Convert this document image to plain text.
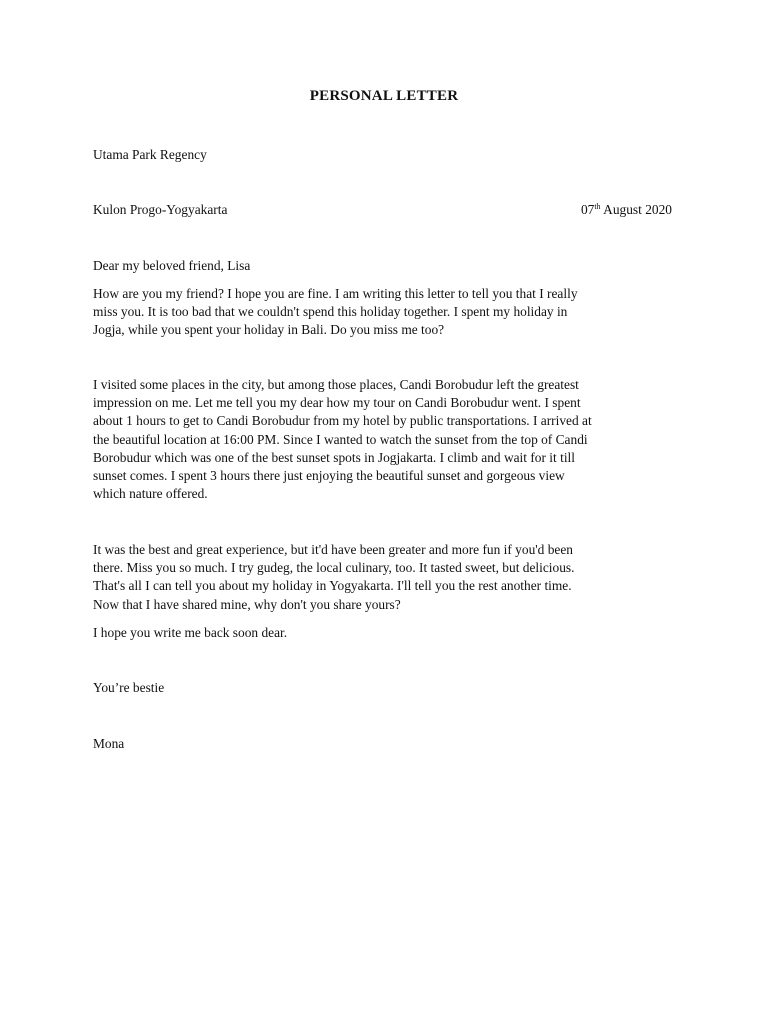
PERSONAL LETTER
Utama Park Regency
Kulon Progo-Yogyakarta	07th August 2020
Dear my beloved friend, Lisa
How are you my friend? I hope you are fine. I am writing this letter to tell you that I really
miss you. It is too bad that we couldn't spend this holiday together. I spent my holiday in
Jogja, while you spent your holiday in Bali. Do you miss me too?
I visited some places in the city, but among those places, Candi Borobudur left the greatest
impression on me. Let me tell you my dear how my tour on Candi Borobudur went. I spent
about 1 hours to get to Candi Borobudur from my hotel by public transportations. I arrived at
the beautiful location at 16:00 PM. Since I wanted to watch the sunset from the top of Candi
Borobudur which was one of the best sunset spots in Jogjakarta. I climb and wait for it till
sunset comes. I spent 3 hours there just enjoying the beautiful sunset and gorgeous view
which nature offered.
It was the best and great experience, but it'd have been greater and more fun if you'd been
there. Miss you so much. I try gudeg, the local culinary, too. It tasted sweet, but delicious.
That's all I can tell you about my holiday in Yogyakarta. I'll tell you the rest another time.
Now that I have shared mine, why don't you share yours?
I hope you write me back soon dear.
You’re bestie
Mona
